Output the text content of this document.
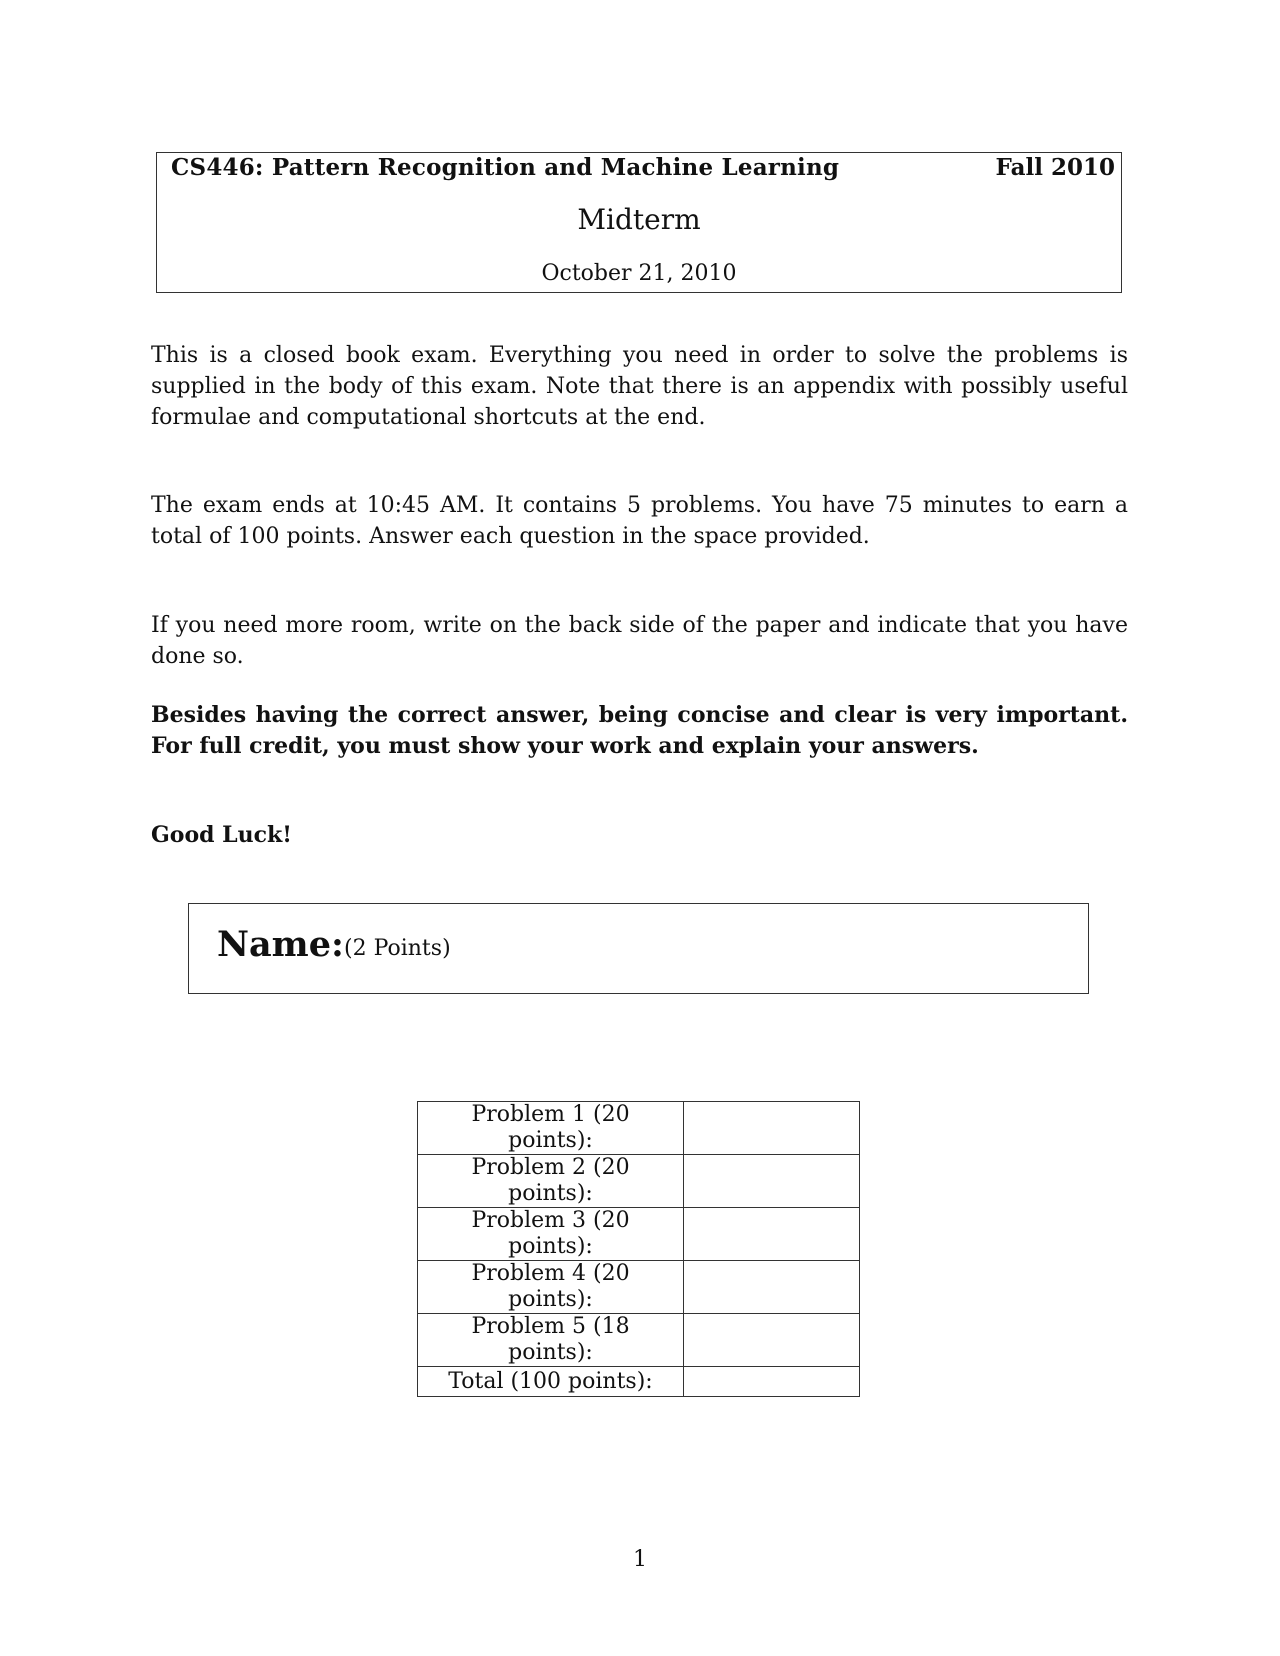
CS446: Pattern Recognition and Machine Learning	Fall 2010
Midterm
October 21, 2010
This is a closed book exam. Everything you need in order to solve the problems is supplied in the body of this exam. Note that there is an appendix with possibly useful formulae and computational shortcuts at the end.
The exam ends at 10:45 AM. It contains 5 problems. You have 75 minutes to earn a total of 100 points. Answer each question in the space provided.
If you need more room, write on the back side of the paper and indicate that you have done so.
Besides having the correct answer, being concise and clear is very important. For full credit, you must show your work and explain your answers.
Good Luck!
Name: (2 Points)
Problem 1 (20 points):	
Problem 2 (20 points):	
Problem 3 (20 points):	
Problem 4 (20 points):	
Problem 5 (18 points):	
Total (100 points):	
1
